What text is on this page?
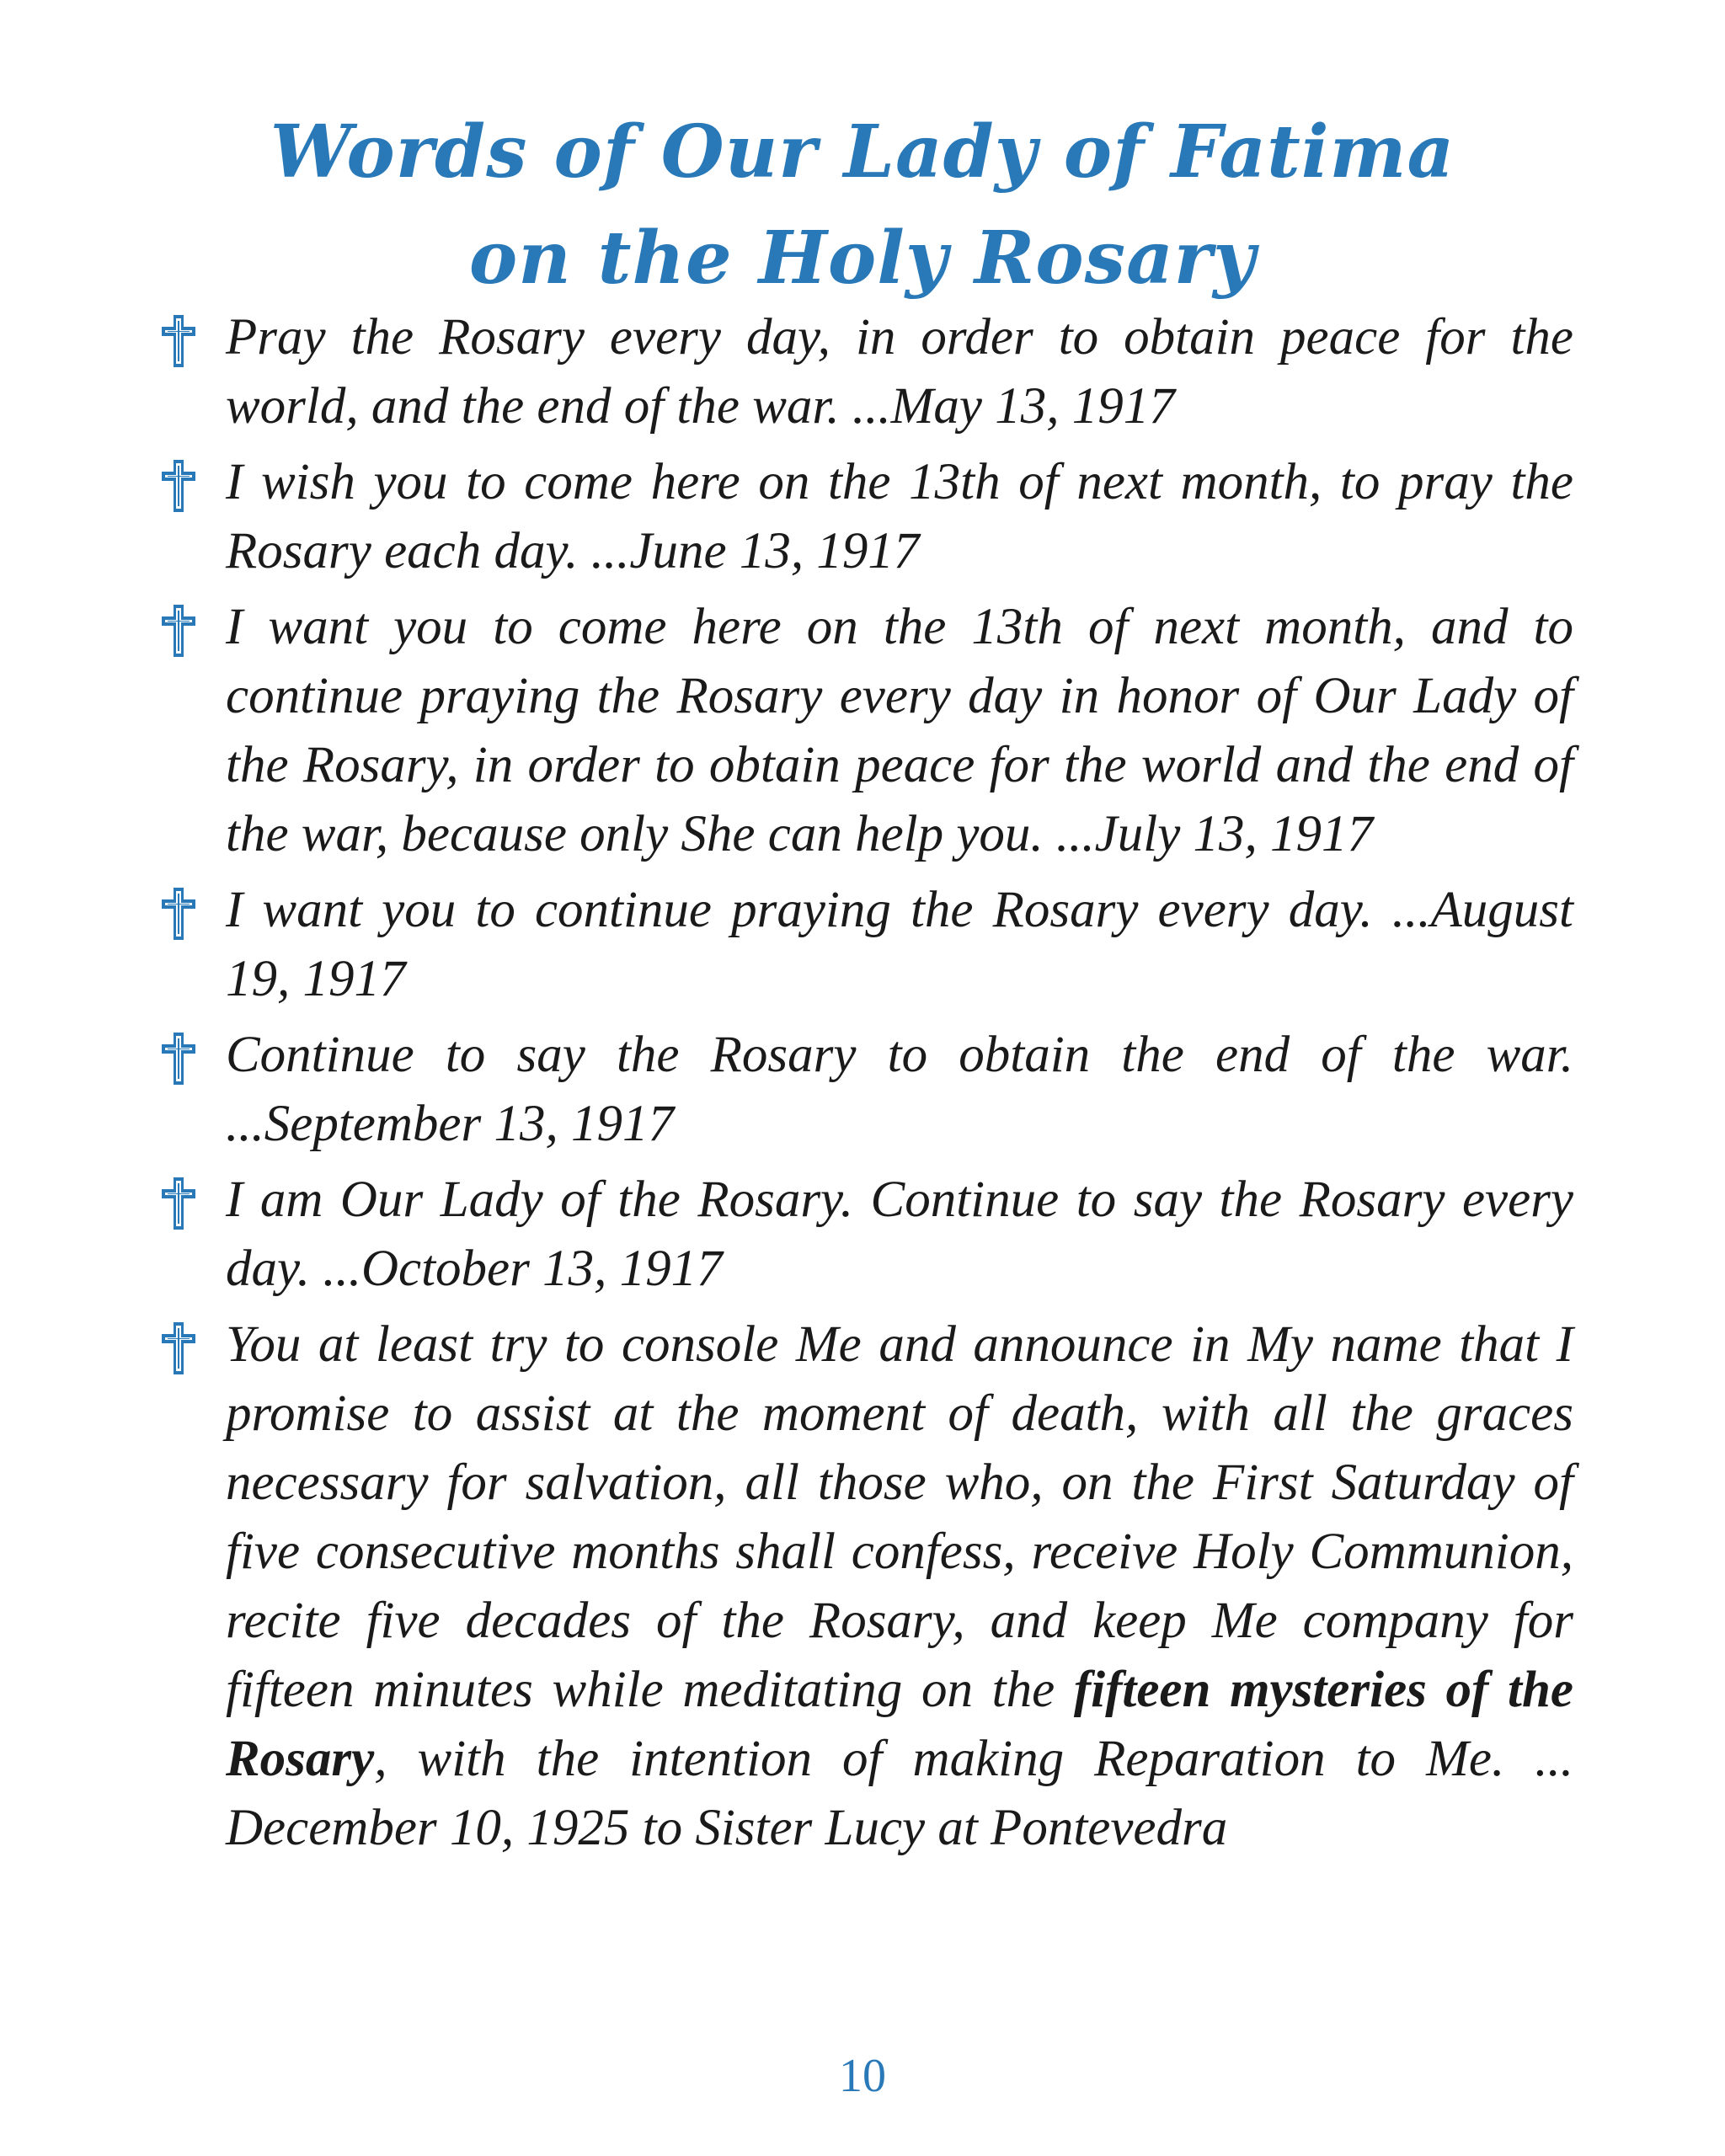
Words of Our Lady of Fatima
on the Holy Rosary
Pray the Rosary every day, in order to obtain peace for the world, and the end of the war. ...May 13, 1917
I wish you to come here on the 13th of next month, to pray the Rosary each day. ...June 13, 1917
I want you to come here on the 13th of next month, and to continue praying the Rosary every day in honor of Our Lady of the Rosary, in order to obtain peace for the world and the end of the war, because only She can help you. ...July 13, 1917
I want you to continue praying the Rosary every day. ...August 19, 1917
Continue to say the Rosary to obtain the end of the war. ...September 13, 1917
I am Our Lady of the Rosary. Continue to say the Rosary every day. ...October 13, 1917
You at least try to console Me and announce in My name that I promise to assist at the moment of death, with all the graces necessary for salvation, all those who, on the First Saturday of five consecutive months shall confess, receive Holy Communion, recite five decades of the Rosary, and keep Me company for fifteen minutes while meditating on the fifteen mysteries of the Rosary, with the intention of making Reparation to Me. ... December 10, 1925 to Sister Lucy at Pontevedra
10
